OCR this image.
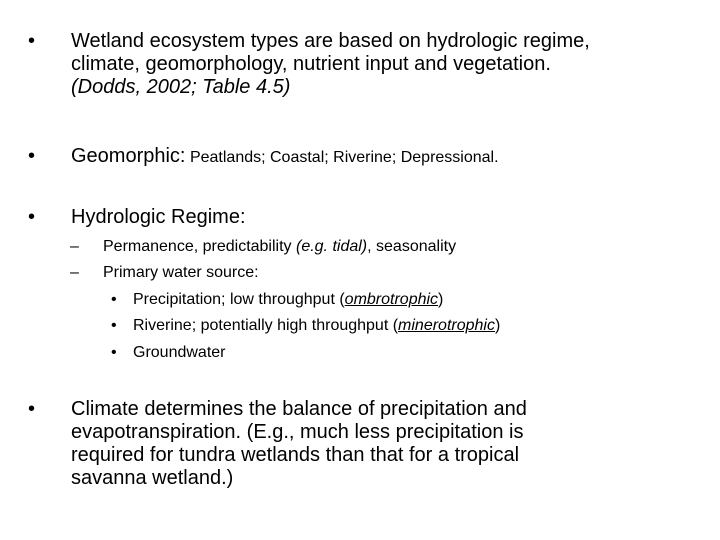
•	Wetland ecosystem types are based on hydrologic regime,
climate, geomorphology, nutrient input and vegetation.
(Dodds, 2002; Table 4.5)
•	Geomorphic: Peatlands; Coastal; Riverine; Depressional.
•	Hydrologic Regime:
– Permanence, predictability (e.g. tidal), seasonality
– Primary water source:
• Precipitation; low throughput (ombrotrophic)
• Riverine; potentially high throughput (minerotrophic)
• Groundwater
•	Climate determines the balance of precipitation and
evapotranspiration. (E.g., much less precipitation is
required for tundra wetlands than that for a tropical
savanna wetland.)
